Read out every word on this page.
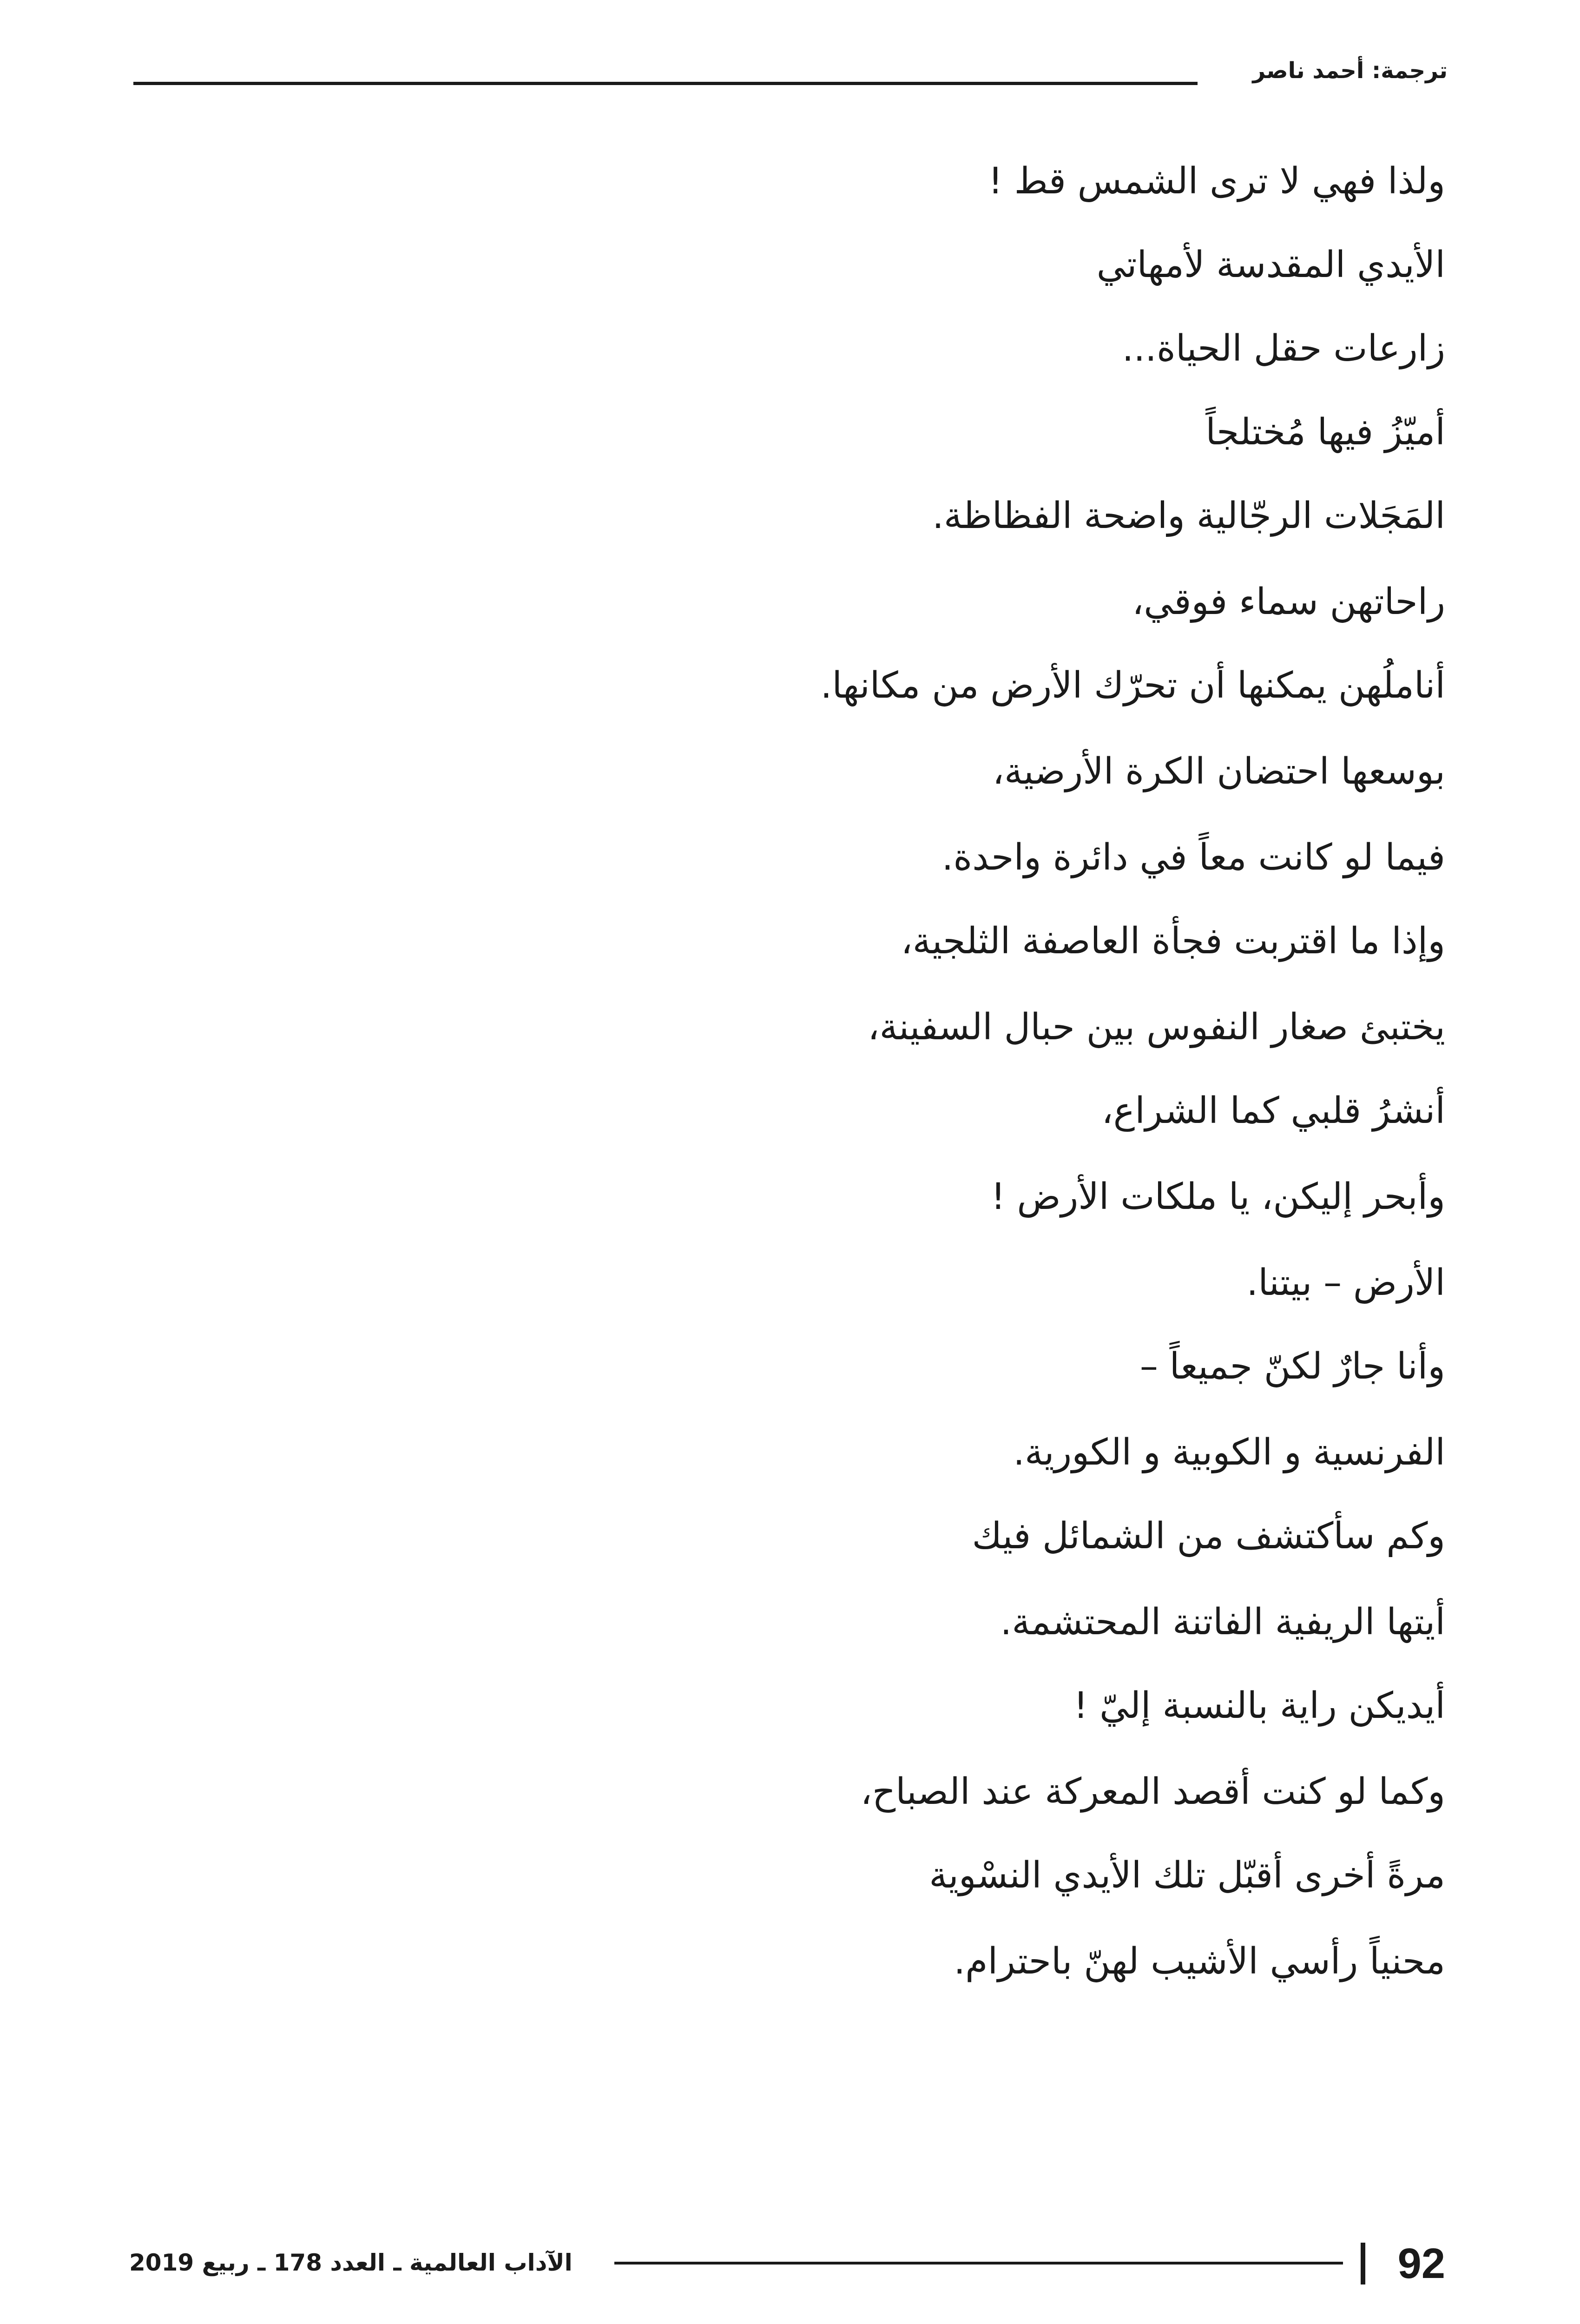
ترجمة: أحمد ناصر
ولذا فهي لا ترى الشمس قط !
الأيدي المقدسة لأمهاتي
زارعات حقل الحياة...
أميّزُ فيها مُختلجاً
المَجَلات الرجّالية واضحة الفظاظة.
راحاتهن سماء فوقي،
أناملُهن يمكنها أن تحرّك الأرض من مكانها.
بوسعها احتضان الكرة الأرضية،
فيما لو كانت معاً في دائرة واحدة.
وإذا ما اقتربت فجأة العاصفة الثلجية،
يختبئ صغار النفوس بين حبال السفينة،
أنشرُ قلبي كما الشراع،
وأبحر إليكن، يا ملكات الأرض !
الأرض – بيتنا.
وأنا جارٌ لكنّ جميعاً –
الفرنسية و الكوبية و الكورية.
وكم سأكتشف من الشمائل فيك
أيتها الريفية الفاتنة المحتشمة.
أيديكن راية بالنسبة إليّ !
وكما لو كنت أقصد المعركة عند الصباح،
مرةً أخرى أقبّل تلك الأيدي النسْوية
محنياً رأسي الأشيب لهنّ باحترام.
92
الآداب العالمية ـ العدد 178 ـ ربيع 2019
